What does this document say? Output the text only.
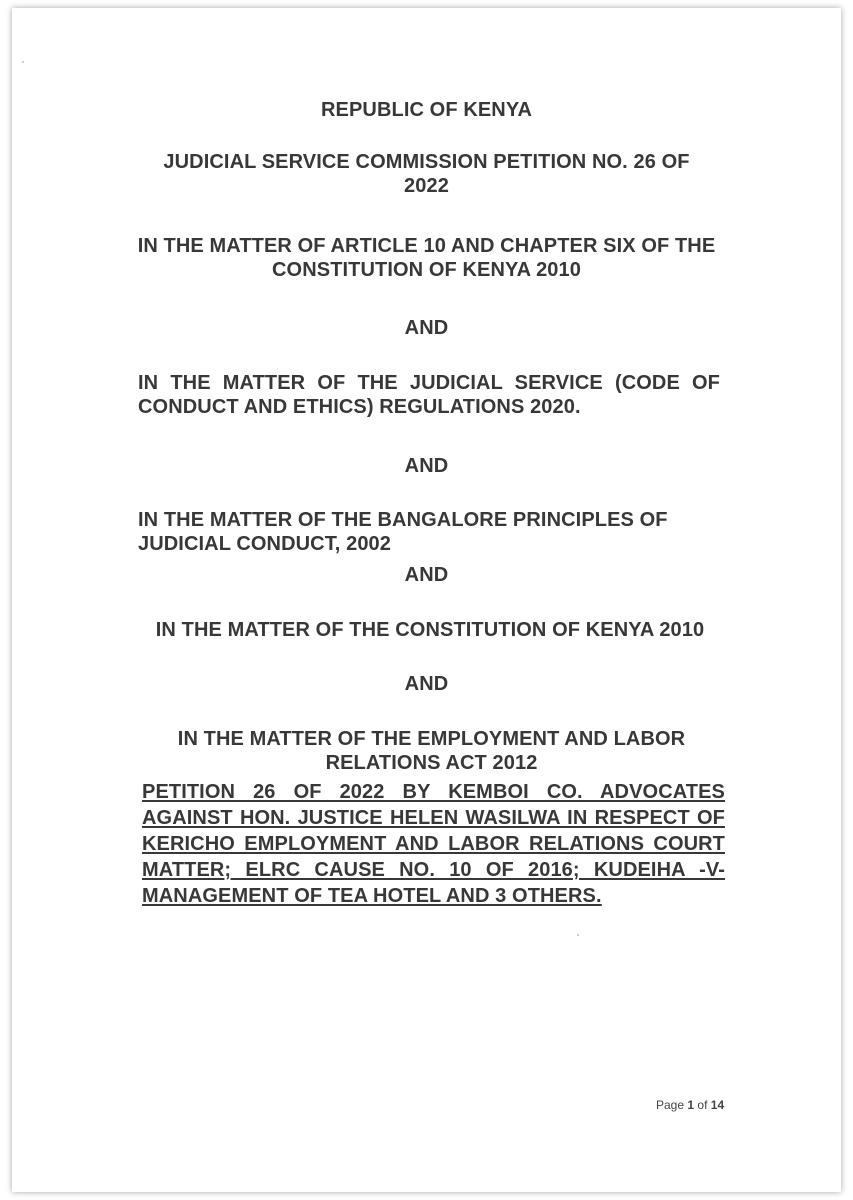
REPUBLIC OF KENYA
JUDICIAL SERVICE COMMISSION PETITION NO. 26 OF
2022
IN THE MATTER OF ARTICLE 10 AND CHAPTER SIX OF THE
CONSTITUTION OF KENYA 2010
AND
IN THE MATTER OF THE JUDICIAL SERVICE (CODE OF
CONDUCT AND ETHICS) REGULATIONS 2020.
AND
IN THE MATTER OF THE BANGALORE PRINCIPLES OF
JUDICIAL CONDUCT, 2002
AND
IN THE MATTER OF THE CONSTITUTION OF KENYA 2010
AND
IN THE MATTER OF THE EMPLOYMENT AND LABOR
RELATIONS ACT 2012
PETITION 26 OF 2022 BY KEMBOI CO. ADVOCATES
AGAINST HON. JUSTICE HELEN WASILWA IN RESPECT OF
KERICHO EMPLOYMENT AND LABOR RELATIONS COURT
MATTER; ELRC CAUSE NO. 10 OF 2016; KUDEIHA -V-
MANAGEMENT OF TEA HOTEL AND 3 OTHERS.
Page 1 of 14
